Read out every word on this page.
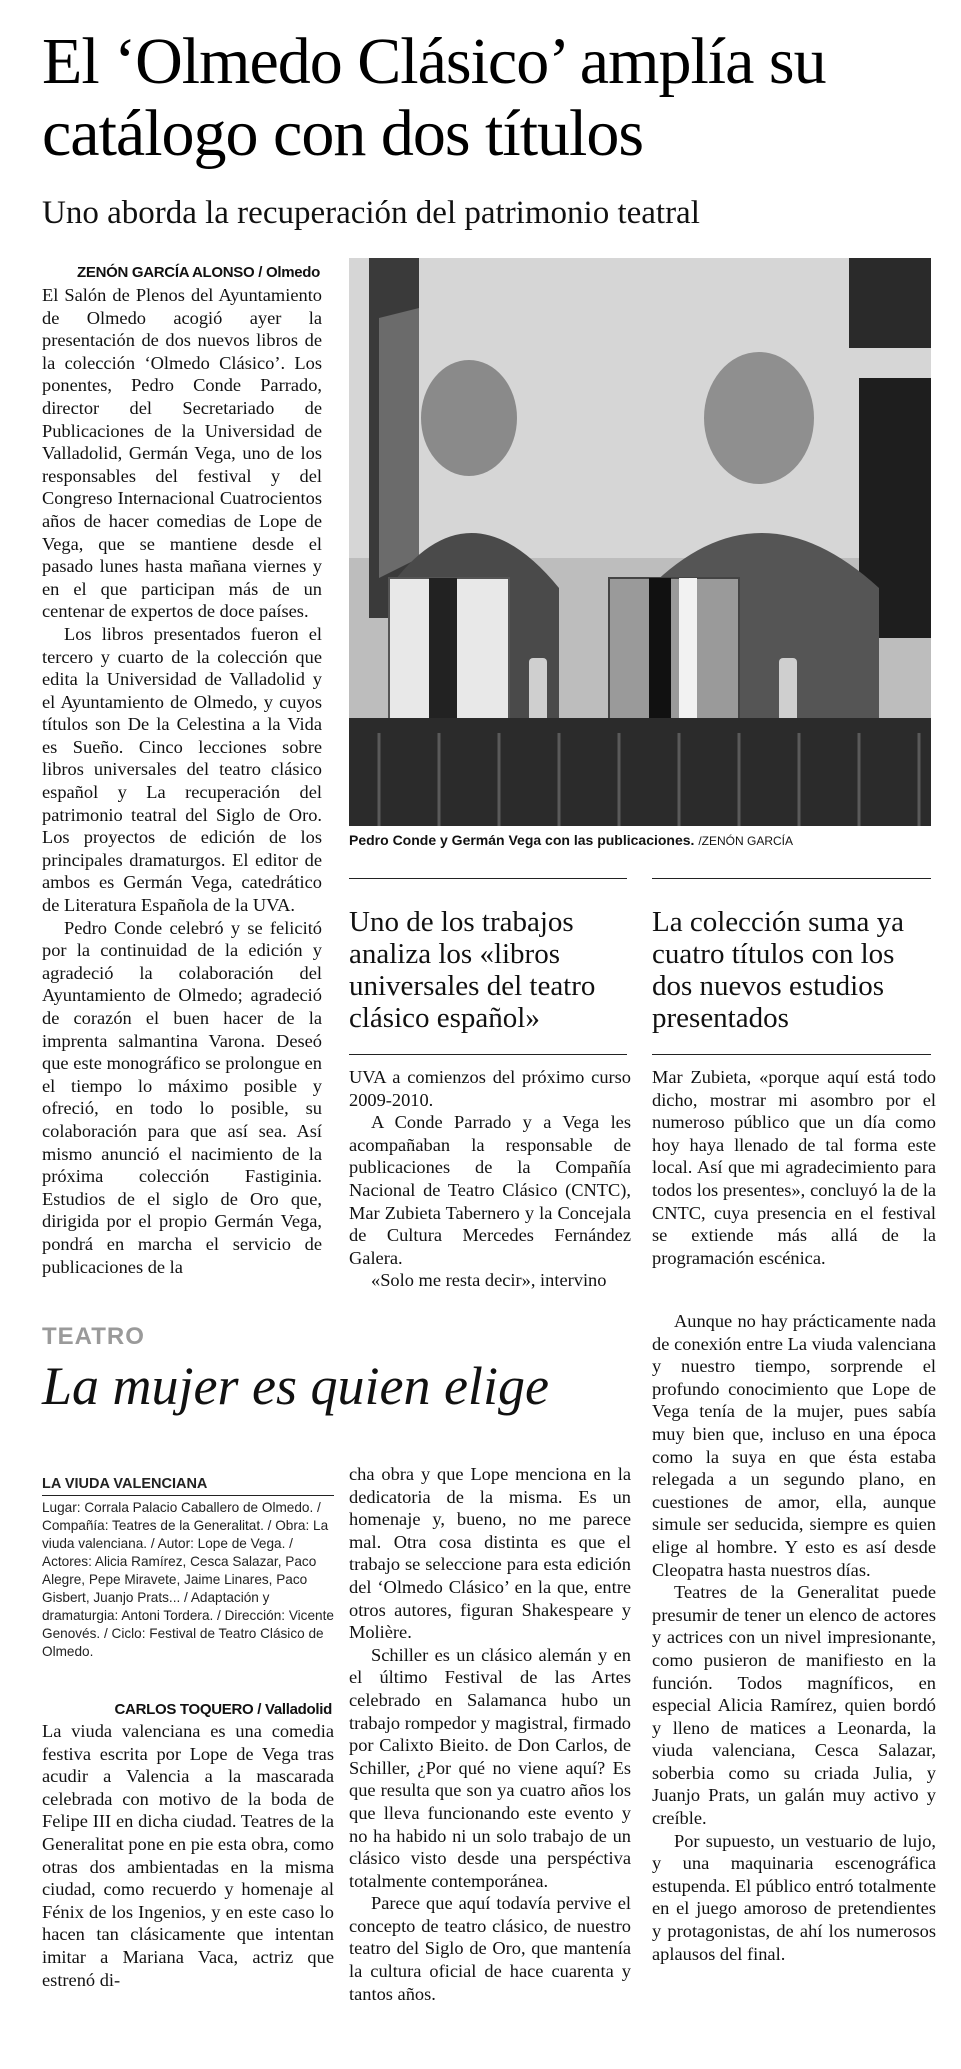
El ‘Olmedo Clásico’ amplía su catálogo con dos títulos
Uno aborda la recuperación del patrimonio teatral
ZENÓN GARCÍA ALONSO / Olmedo

El Salón de Plenos del Ayuntamiento de Olmedo acogió ayer la presentación de dos nuevos libros de la colección ‘Olmedo Clásico’. Los ponentes, Pedro Conde Parrado, director del Secretariado de Publicaciones de la Universidad de Valladolid, Germán Vega, uno de los responsables del festival y del Congreso Internacional Cuatrocientos años de hacer comedias de Lope de Vega, que se mantiene desde el pasado lunes hasta mañana viernes y en el que participan más de un centenar de expertos de doce países.

Los libros presentados fueron el tercero y cuarto de la colección que edita la Universidad de Valladolid y el Ayuntamiento de Olmedo, y cuyos títulos son De la Celestina a la Vida es Sueño. Cinco lecciones sobre libros universales del teatro clásico español y La recuperación del patrimonio teatral del Siglo de Oro. Los proyectos de edición de los principales dramaturgos. El editor de ambos es Germán Vega, catedrático de Literatura Española de la UVA.

Pedro Conde celebró y se felicitó por la continuidad de la edición y agradeció la colaboración del Ayuntamiento de Olmedo; agradeció de corazón el buen hacer de la imprenta salmantina Varona. Deseó que este monográfico se prolongue en el tiempo lo máximo posible y ofreció, en todo lo posible, su colaboración para que así sea. Así mismo anunció el nacimiento de la próxima colección Fastiginia. Estudios de el siglo de Oro que, dirigida por el propio Germán Vega, pondrá en marcha el servicio de publicaciones de la

Pedro Conde y Germán Vega con las publicaciones. /ZENÓN GARCÍA
Uno de los trabajos analiza los «libros universales del teatro clásico español»
La colección suma ya cuatro títulos con los dos nuevos estudios presentados

UVA a comienzos del próximo curso 2009-2010.

A Conde Parrado y a Vega les acompañaban la responsable de publicaciones de la Compañía Nacional de Teatro Clásico (CNTC), Mar Zubieta Tabernero y la Concejala de Cultura Mercedes Fernández Galera.

«Solo me resta decir», intervino

Mar Zubieta, «porque aquí está todo dicho, mostrar mi asombro por el numeroso público que un día como hoy haya llenado de tal forma este local. Así que mi agradecimiento para todos los presentes», concluyó la de la CNTC, cuya presencia en el festival se extiende más allá de la programación escénica.

TEATRO
La mujer es quien elige
LA VIUDA VALENCIANA
Lugar: Corrala Palacio Caballero de Olmedo. / Compañía: Teatres de la Generalitat. / Obra: La viuda valenciana. / Autor: Lope de Vega. / Actores: Alicia Ramírez, Cesca Salazar, Paco Alegre, Pepe Miravete, Jaime Linares, Paco Gisbert, Juanjo Prats... / Adaptación y dramaturgia: Antoni Tordera. / Dirección: Vicente Genovés. / Ciclo: Festival de Teatro Clásico de Olmedo.
CARLOS TOQUERO / Valladolid

La viuda valenciana es una comedia festiva escrita por Lope de Vega tras acudir a Valencia a la mascarada celebrada con motivo de la boda de Felipe III en dicha ciudad. Teatres de la Generalitat pone en pie esta obra, como otras dos ambientadas en la misma ciudad, como recuerdo y homenaje al Fénix de los Ingenios, y en este caso lo hacen tan clásicamente que intentan imitar a Mariana Vaca, actriz que estrenó di-

cha obra y que Lope menciona en la dedicatoria de la misma. Es un homenaje y, bueno, no me parece mal. Otra cosa distinta es que el trabajo se seleccione para esta edición del ‘Olmedo Clásico’ en la que, entre otros autores, figuran Shakespeare y Molière.

Schiller es un clásico alemán y en el último Festival de las Artes celebrado en Salamanca hubo un trabajo rompedor y magistral, firmado por Calixto Bieito. de Don Carlos, de Schiller, ¿Por qué no viene aquí? Es que resulta que son ya cuatro años los que lleva funcionando este evento y no ha habido ni un solo trabajo de un clásico visto desde una perspéctiva totalmente contemporánea.

Parece que aquí todavía pervive el concepto de teatro clásico, de nuestro teatro del Siglo de Oro, que mantenía la cultura oficial de hace cuarenta y tantos años.

Aunque no hay prácticamente nada de conexión entre La viuda valenciana y nuestro tiempo, sorprende el profundo conocimiento que Lope de Vega tenía de la mujer, pues sabía muy bien que, incluso en una época como la suya en que ésta estaba relegada a un segundo plano, en cuestiones de amor, ella, aunque simule ser seducida, siempre es quien elige al hombre. Y esto es así desde Cleopatra hasta nuestros días.

Teatres de la Generalitat puede presumir de tener un elenco de actores y actrices con un nivel impresionante, como pusieron de manifiesto en la función. Todos magníficos, en especial Alicia Ramírez, quien bordó y lleno de matices a Leonarda, la viuda valenciana, Cesca Salazar, soberbia como su criada Julia, y Juanjo Prats, un galán muy activo y creíble.

Por supuesto, un vestuario de lujo, y una maquinaria escenográfica estupenda. El público entró totalmente en el juego amoroso de pretendientes y protagonistas, de ahí los numerosos aplausos del final.
